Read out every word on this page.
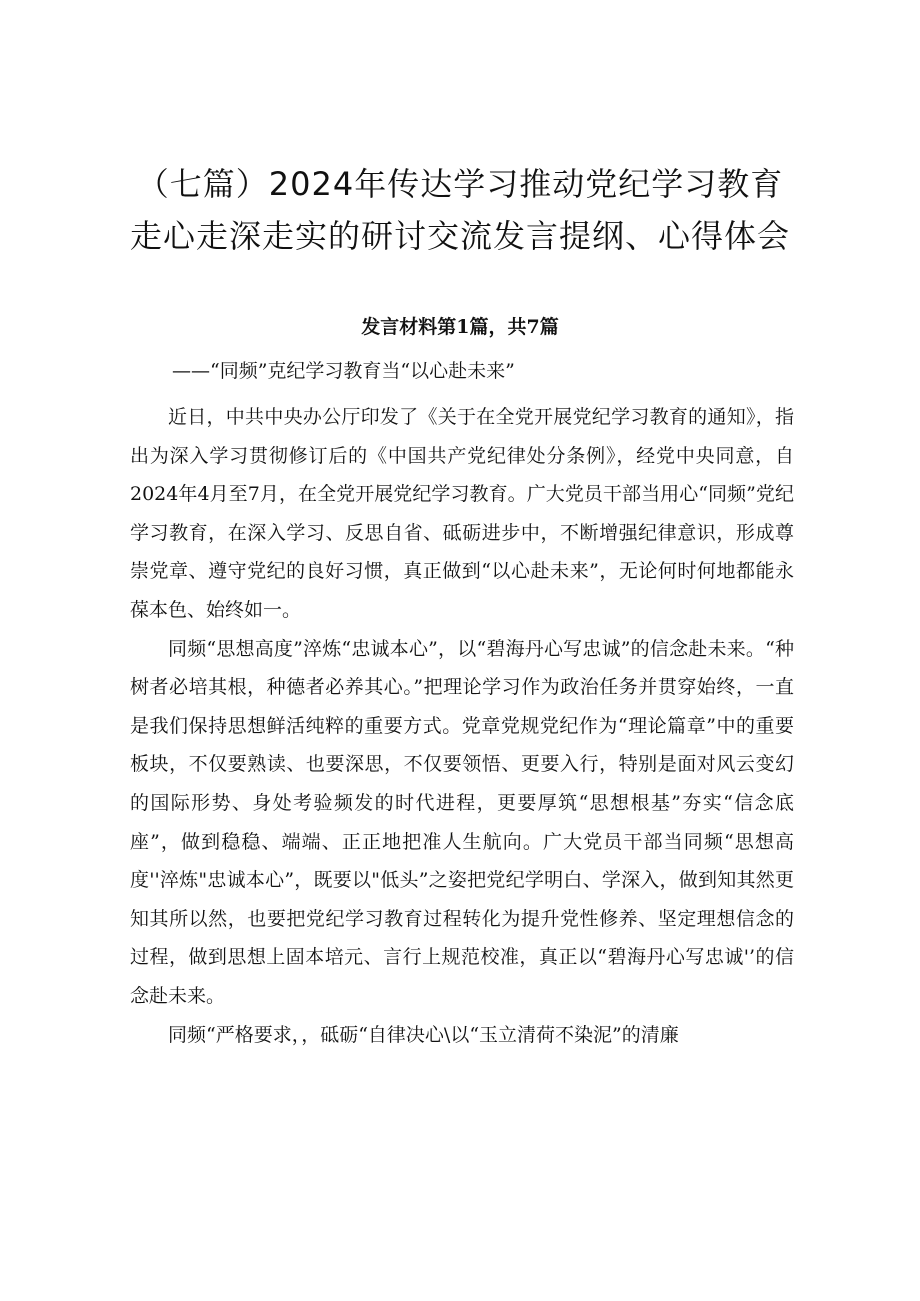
（七篇）2024年传达学习推动党纪学习教育
走心走深走实的研讨交流发言提纲、心得体会
发言材料第1篇，共7篇
——“同频”克纪学习教育当“以心赴未来”

近日，中共中央办公厅印发了《关于在全党开展党纪学习教育的通知》，指出为深入学习贯彻修订后的《中国共产党纪律处分条例》，经党中央同意，自2024年4月至7月，在全党开展党纪学习教育。广大党员干部当用心“同频”党纪学习教育，在深入学习、反思自省、砥砺进步中，不断增强纪律意识，形成尊崇党章、遵守党纪的良好习惯，真正做到“以心赴未来”，无论何时何地都能永葆本色、始终如一。

同频“思想高度”淬炼“忠诚本心”，以“碧海丹心写忠诚”的信念赴未来。“种树者必培其根，种德者必养其心。”把理论学习作为政治任务并贯穿始终，一直是我们保持思想鲜活纯粹的重要方式。党章党规党纪作为“理论篇章”中的重要板块，不仅要熟读、也要深思，不仅要领悟、更要入行，特别是面对风云变幻的国际形势、身处考验频发的时代进程，更要厚筑“思想根基”夯实“信念底座”，做到稳稳、端端、正正地把准人生航向。广大党员干部当同频“思想高度''淬炼"忠诚本心”，既要以"低头”之姿把党纪学明白、学深入，做到知其然更知其所以然，也要把党纪学习教育过程转化为提升党性修养、坚定理想信念的过程，做到思想上固本培元、言行上规范校准，真正以“碧海丹心写忠诚'’的信念赴未来。

同频“严格要求，，砥砺“自律决心\以“玉立清荷不染泥”的清廉
